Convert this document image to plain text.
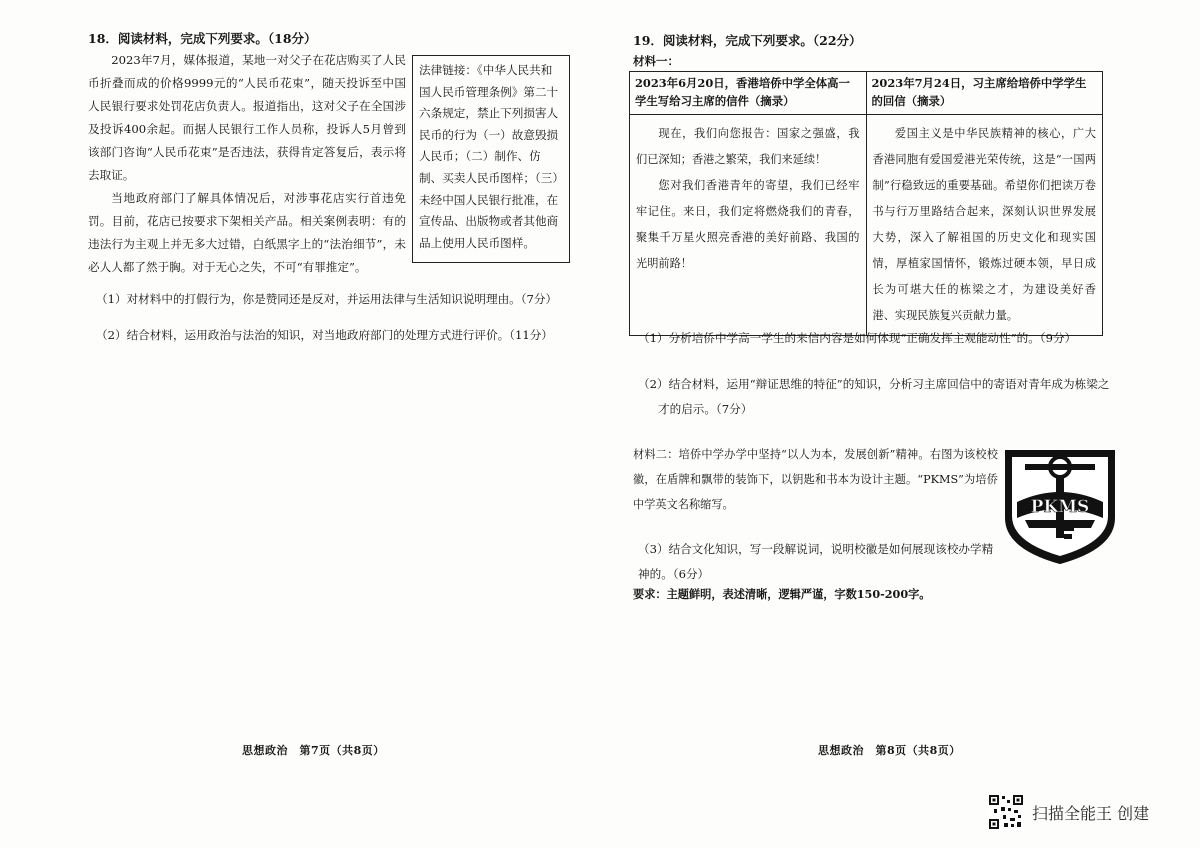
18．阅读材料，完成下列要求。（18分）

2023年7月，媒体报道，某地一对父子在花店购买了人民币折叠而成的价格9999元的“人民币花束”，随天投诉至中国人民银行要求处罚花店负责人。报道指出，这对父子在全国涉及投诉400余起。而据人民银行工作人员称，投诉人5月曾到该部门咨询“人民币花束”是否违法，获得肯定答复后，表示将去取证。

当地政府部门了解具体情况后，对涉事花店实行首违免罚。目前，花店已按要求下架相关产品。相关案例表明：有的违法行为主观上并无多大过错，白纸黑字上的“法治细节”，未必人人都了然于胸。对于无心之失，不可“有罪推定”。

法律链接：《中华人民共和国人民币管理条例》第二十六条规定，禁止下列损害人民币的行为（一）故意毁损人民币；（二）制作、仿制、买卖人民币图样；（三）未经中国人民银行批准，在宣传品、出版物或者其他商品上使用人民币图样。
（1）对材料中的打假行为，你是赞同还是反对，并运用法律与生活知识说明理由。（7分）
（2）结合材料，运用政治与法治的知识，对当地政府部门的处理方式进行评价。（11分）
思想政治　第7页（共8页）
19．阅读材料，完成下列要求。（22分）
材料一：
2023年6月20日，香港培侨中学全体高一学生写给习主席的信件（摘录）	2023年7月24日，习主席给培侨中学学生的回信（摘录）

现在，我们向您报告：国家之强盛，我们已深知；香港之繁荣，我们来延续！

您对我们香港青年的寄望，我们已经牢牢记住。来日，我们定将燃烧我们的青春，聚集千万星火照亮香港的美好前路、我国的光明前路！	爱国主义是中华民族精神的核心，广大香港同胞有爱国爱港光荣传统，这是“一国两制”行稳致远的重要基础。希望你们把读万卷书与行万里路结合起来，深刻认识世界发展大势，深入了解祖国的历史文化和现实国情，厚植家国情怀，锻炼过硬本领，早日成长为可堪大任的栋梁之才，为建设美好香港、实现民族复兴贡献力量。

（1）分析培侨中学高一学生的来信内容是如何体现“正确发挥主观能动性”的。（9分）
（2）结合材料，运用“辩证思维的特征”的知识，分析习主席回信中的寄语对青年成为栋梁之
才的启示。（7分）
材料二：培侨中学办学中坚持“以人为本，发展创新”精神。右图为该校校徽，在盾牌和飘带的装饰下，以钥匙和书本为设计主题。“PKMS”为培侨中学英文名称缩写。	PKMS
（3）结合文化知识，写一段解说词，说明校徽是如何展现该校办学精神的。（6分）
要求：主题鲜明，表述清晰，逻辑严谨，字数150-200字。
思想政治　第8页（共8页）
扫描全能王 创建
